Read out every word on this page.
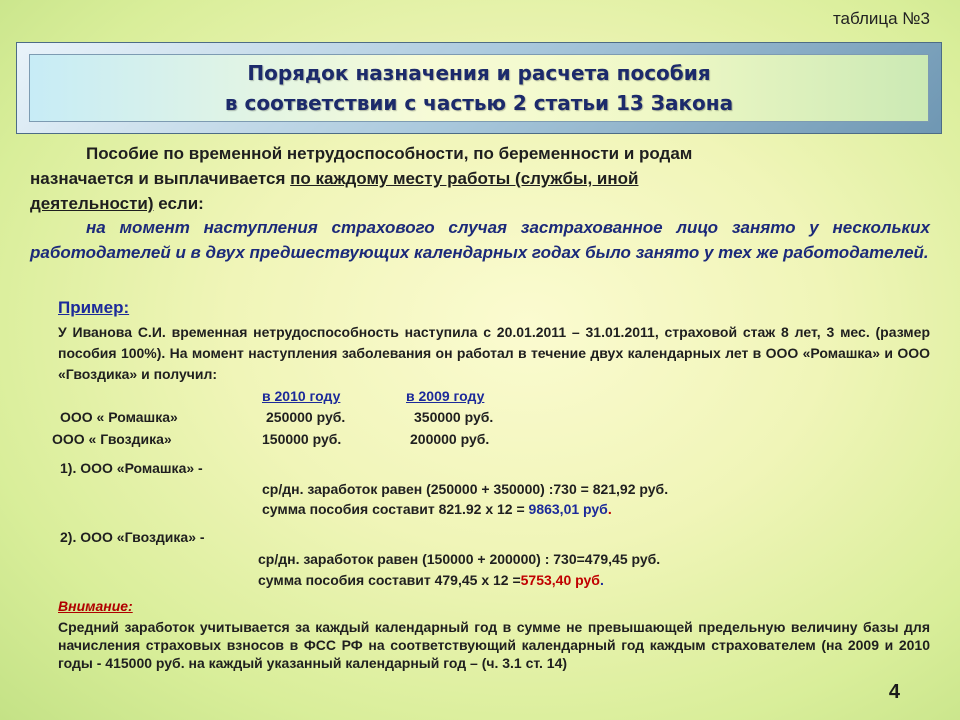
таблица №3
Порядок назначения и расчета пособия
в соответствии с частью 2 статьи 13 Закона
Пособие по временной нетрудоспособности, по беременности и родам
назначается и выплачивается по каждому месту работы (службы, иной
деятельности) если:
на момент наступления страхового случая застрахованное лицо занято у нескольких работодателей и в двух предшествующих календарных годах было занято у тех же работодателей.
Пример:
У Иванова С.И. временная нетрудоспособность наступила с 20.01.2011 – 31.01.2011, страховой стаж 8 лет, 3 мес. (размер пособия 100%). На момент наступления заболевания он работал в течение двух календарных лет в ООО «Ромашка» и ООО «Гвоздика» и получил:
в 2010 году	в 2009 году
ООО « Ромашка»	250000 руб.	350000 руб.
ООО « Гвоздика»	150000 руб.	200000 руб.
1). ООО «Ромашка» -
ср/дн. заработок равен (250000 + 350000) :730 = 821,92 руб.
сумма пособия составит 821.92 х 12 = 9863,01 руб.
2). ООО «Гвоздика» -
ср/дн. заработок равен (150000 + 200000) : 730=479,45 руб.
сумма пособия составит 479,45 х 12 =5753,40 руб.
Внимание:
Средний заработок учитывается за каждый календарный год в сумме не превышающей предельную величину базы для начисления страховых взносов в ФСС РФ на соответствующий календарный год каждым страхователем (на 2009 и 2010 годы - 415000 руб. на каждый указанный календарный год – (ч. 3.1 ст. 14)
4
